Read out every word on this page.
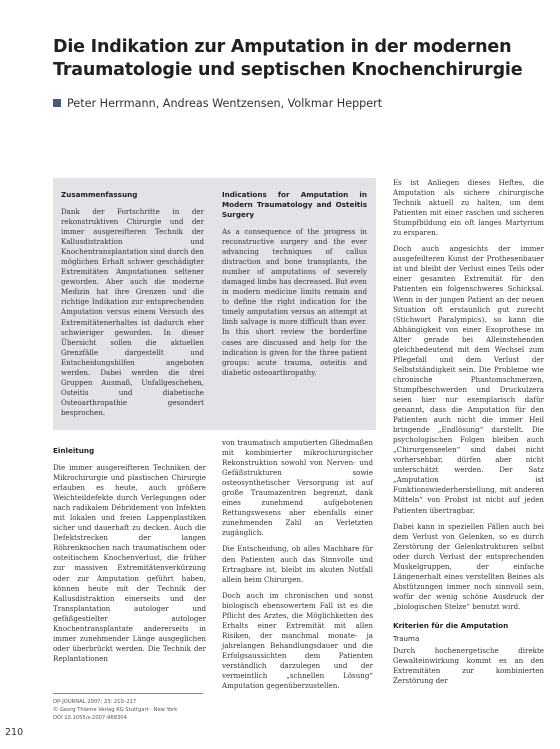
Die Indikation zur Amputation in der modernen Traumatologie und septischen Knochenchirurgie
Peter Herrmann, Andreas Wentzensen, Volkmar Heppert
Zusammenfassung

Dank der Fortschritte in der rekonstruktiven Chirurgie und der immer ausgereifteren Technik der Kallusdistraktion und Knochentransplantation sind durch den möglichen Erhalt schwer geschädigter Extremitäten Amputationen seltener geworden. Aber auch die moderne Medizin hat ihre Grenzen und die richtige Indikation zur entsprechenden Amputation versus einem Versuch des Extremitätenerhaltes ist dadurch eher schwieriger geworden. In dieser Übersicht sollen die aktuellen Grenzfälle dargestellt und Entscheidungshilfen angeboten werden. Dabei werden die drei Gruppen Ausmaß, Unfallgeschehen, Osteitis und diabetische Osteoarthropathie gesondert besprochen.

Indications for Amputation in Modern Traumatology and Osteitis Surgery

As a consequence of the progress in reconstructive surgery and the ever advancing techniques of callus distraction and bone transplants, the number of amputations of severely damaged limbs has decreased. But even in modern medicine limits remain and to define the right indication for the timely amputation versus an attempt at limb salvage is more difficult than ever. In this short review the borderline cases are discussed and help for the indication is given for the three patient groups: acute trauma, osteitis and diabetic osteoarthropathy.

Einleitung

Die immer ausgereifteren Techniken der Mikrochirurgie und plastischen Chirurgie erlauben es heute, auch größere Weichteildefekte durch Verlegungen oder nach radikalem Débridement von Infekten mit lokalen und freien Lappenplastiken sicher und dauerhaft zu decken. Auch die Defektstrecken der langen Röhrenknochen nach traumatischem oder osteitischem Knochenverlust, die früher zur massiven Extremitätenverkürzung oder zur Amputation geführt haben, können heute mit der Technik der Kallusdistraktion einerseits und der Transplantation autologer und gefäßgestielter autologer Knochentransplantate andererseits in immer zunehmender Länge ausgeglichen oder überbrückt werden. Die Technik der Replantationen

OP-JOURNAL 2007; 23: 210–217
© Georg Thieme Verlag KG Stuttgart · New York
DOI 10.1055/s-2007-968304

von traumatisch amputierten Gliedmaßen mit kombinierter mikrochirurgischer Rekonstruktion sowohl von Nerven- und Gefäßstrukturen sowie osteosynthetischer Versorgung ist auf große Traumazentren begrenzt, dank eines zunehmend aufgebotenen Rettungswesens aber ebenfalls einer zunehmenden Zahl an Verletzten zugänglich.

Die Entscheidung, ob alles Machbare für den Patienten auch das Sinnvolle und Ertragbare ist, bleibt im akuten Notfall allein beim Chirurgen.

Doch auch im chronischen und sonst biologisch ebensowertem Fall ist es die Pflicht des Arztes, die Möglichkeiten des Erhalts einer Extremität mit allen Risiken, der manchmal monate- ja jahrelangen Behandlungsdauer und die Erfolgsaussichten dem Patienten verständlich darzulegen und der vermeintlich „schnellen Lösung“ Amputation gegenüberzustellen.

Es ist Anliegen dieses Heftes, die Amputation als sichere chirurgische Technik aktuell zu halten, um dem Patienten mit einer raschen und sicheren Stumpfbildung ein oft langes Martyrium zu ersparen.

Doch auch angesichts der immer ausgefeilteren Kunst der Prothesenbauer ist und bleibt der Verlust eines Teils oder einer gesamten Extremität für den Patienten ein folgenschweres Schicksal. Wenn in der jungen Patient an der neuen Situation oft erstaunlich gut zurecht (Stichwort Paralympics), so kann die Abhängigkeit von einer Exoprothese im Alter gerade bei Alleinstehenden gleichbedeutend mit dem Wechsel zum Pflegefall und dem Verlust der Selbstständigkeit sein. Die Probleme wie chronische Phantomschmerzen, Stumpfbeschwerden und Druckulzera seien hier nur exemplarisch dafür genannt, dass die Amputation für den Patienten auch nicht die immer Heil bringende „Endlösung“ darstellt. Die psychologischen Folgen bleiben auch „Chirurgenseelen“ sind dabei nicht vorhersehbar, dürfen aber nicht unterschätzt werden. Der Satz „Amputation ist Funktionswiederherstellung, mit anderen Mitteln“ von Probst ist nicht auf jeden Patienten übertragbar.

Dabei kann in speziellen Fällen auch bei dem Verlust von Gelenken, so es durch Zerstörung der Gelenkstrukturen selbst oder durch Verlust der entsprechenden Muskelgruppen, der einfache Längenerhalt eines verstellten Beines als Abstützungen immer noch sinnvoll sein, wofür der wenig schöne Ausdruck der „biologischen Stelze“ benutzt wird.

Kriterien für die Amputation
Trauma

Durch hochenergetische direkte Gewalteinwirkung kommt es an den Extremitäten zur kombinierten Zerstörung der

210
